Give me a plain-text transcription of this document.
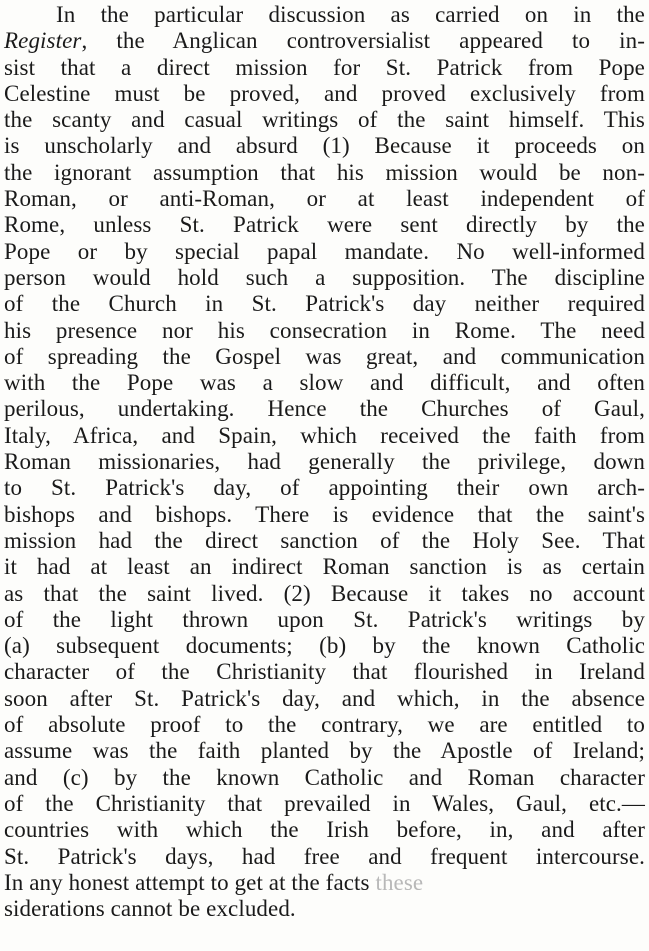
In the particular discussion as carried on in the
Register, the Anglican controversialist appeared to in-
sist that a direct mission for St. Patrick from Pope
Celestine must be proved, and proved exclusively from
the scanty and casual writings of the saint himself. This
is unscholarly and absurd (1) Because it proceeds on
the ignorant assumption that his mission would be non-
Roman, or anti-Roman, or at least independent of
Rome, unless St. Patrick were sent directly by the
Pope or by special papal mandate. No well-informed
person would hold such a supposition. The discipline
of the Church in St. Patrick's day neither required
his presence nor his consecration in Rome. The need
of spreading the Gospel was great, and communication
with the Pope was a slow and difficult, and often
perilous, undertaking. Hence the Churches of Gaul,
Italy, Africa, and Spain, which received the faith from
Roman missionaries, had generally the privilege, down
to St. Patrick's day, of appointing their own arch-
bishops and bishops. There is evidence that the saint's
mission had the direct sanction of the Holy See. That
it had at least an indirect Roman sanction is as certain
as that the saint lived. (2) Because it takes no account
of the light thrown upon St. Patrick's writings by
(a) subsequent documents; (b) by the known Catholic
character of the Christianity that flourished in Ireland
soon after St. Patrick's day, and which, in the absence
of absolute proof to the contrary, we are entitled to
assume was the faith planted by the Apostle of Ireland;
and (c) by the known Catholic and Roman character
of the Christianity that prevailed in Wales, Gaul, etc.—
countries with which the Irish before, in, and after
St. Patrick's days, had free and frequent intercourse.
In any honest attempt to get at the facts these
siderations cannot be excluded.
